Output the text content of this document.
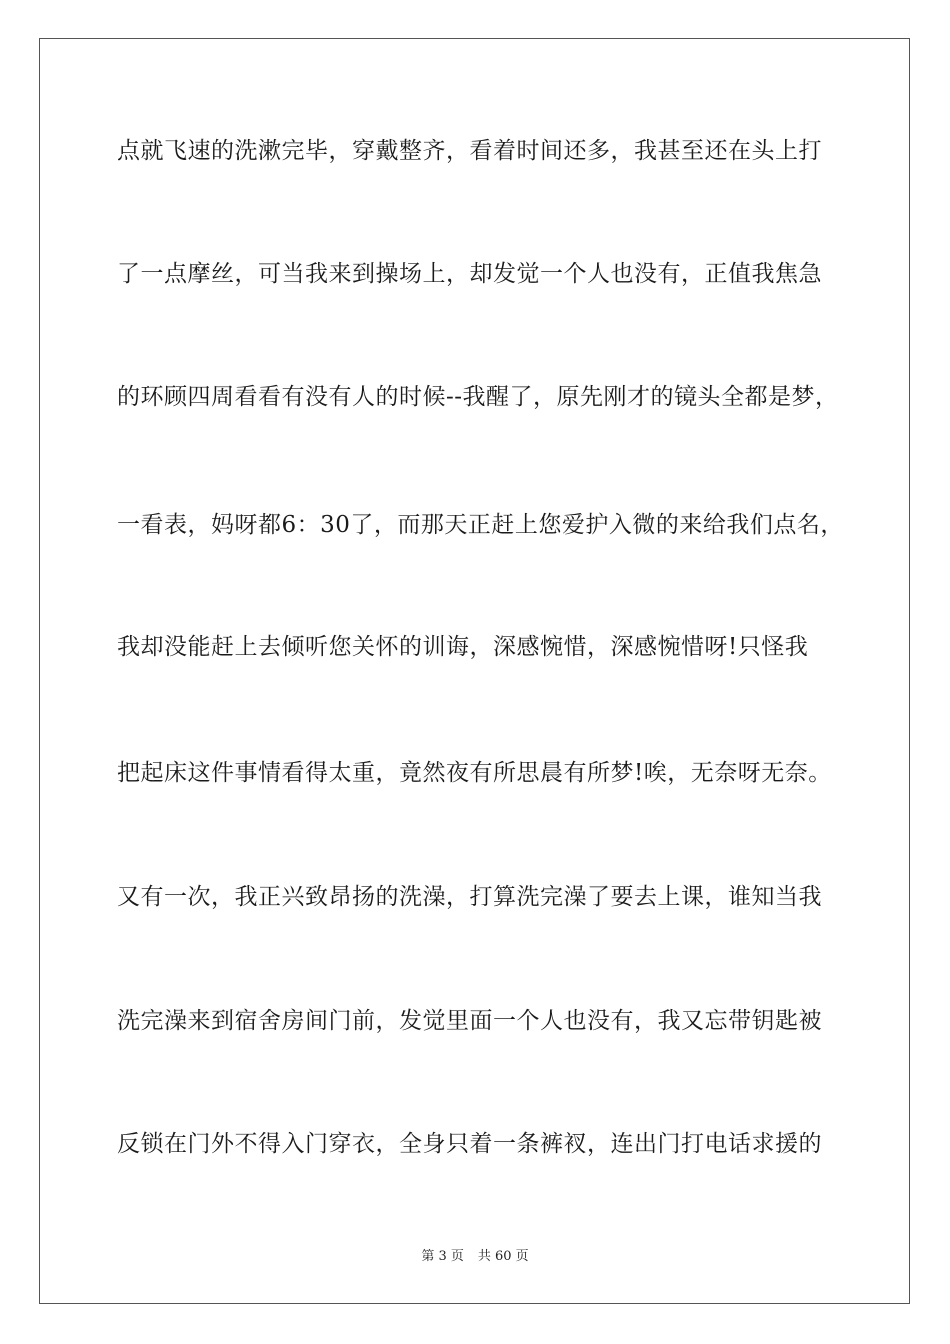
点就飞速的洗漱完毕，穿戴整齐，看着时间还多，我甚至还在头上打
了一点摩丝，可当我来到操场上，却发觉一个人也没有，正值我焦急
的环顾四周看看有没有人的时候--我醒了，原先刚才的镜头全都是梦，
一看表，妈呀都6：30了，而那天正赶上您爱护入微的来给我们点名，
我却没能赶上去倾听您关怀的训诲，深感惋惜，深感惋惜呀!只怪我
把起床这件事情看得太重，竟然夜有所思晨有所梦!唉，无奈呀无奈。
又有一次，我正兴致昂扬的洗澡，打算洗完澡了要去上课，谁知当我
洗完澡来到宿舍房间门前，发觉里面一个人也没有，我又忘带钥匙被
反锁在门外不得入门穿衣，全身只着一条裤衩，连出门打电话求援的
第 3 页 共 60 页
